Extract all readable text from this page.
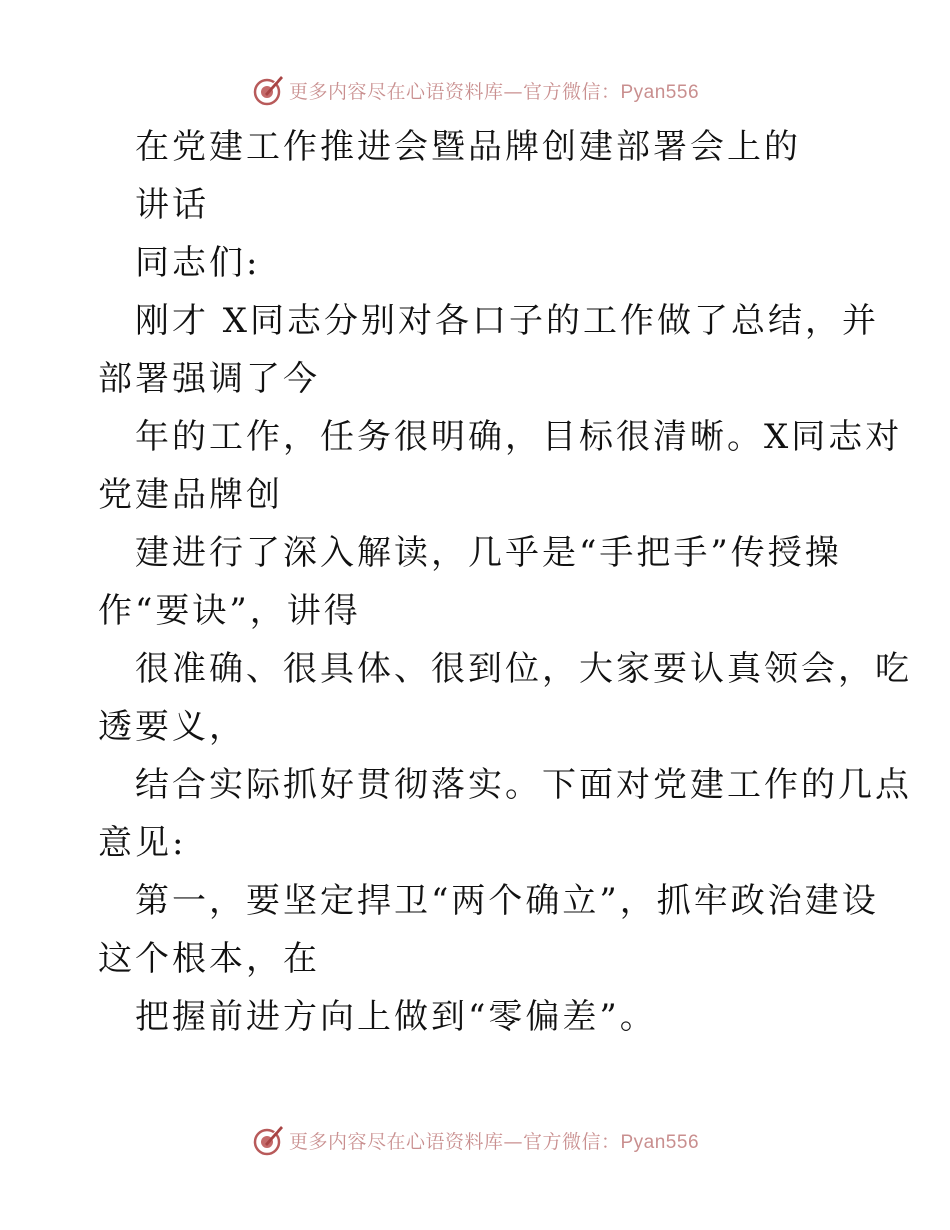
更多内容尽在心语资料库—官方微信：Pyan556
在党建工作推进会暨品牌创建部署会上的
讲话
同志们:
刚才 X同志分别对各口子的工作做了总结，并
部署强调了今
年的工作，任务很明确，目标很清晰。X同志对
党建品牌创
建进行了深入解读，几乎是“手把手”传授操
作“要诀”，讲得
很准确、很具体、很到位，大家要认真领会，吃
透要义，
结合实际抓好贯彻落实。下面对党建工作的几点
意见:
第一，要坚定捍卫“两个确立”，抓牢政治建设
这个根本，在
把握前进方向上做到“零偏差”。
更多内容尽在心语资料库—官方微信：Pyan556
